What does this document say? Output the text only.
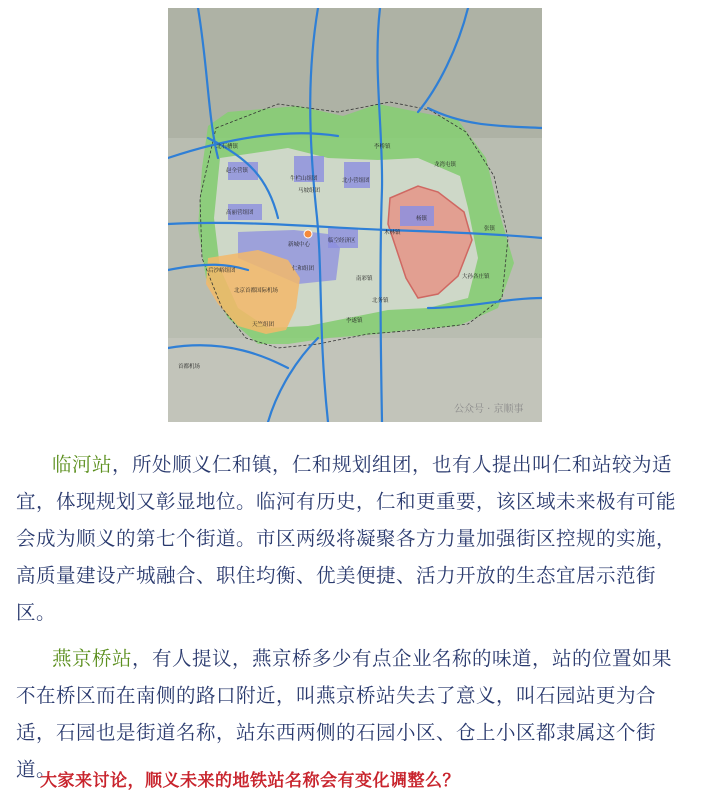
北石槽镇
赵全营镇
牛栏山组团
马坡组团
北小营组团
李桥镇
高丽营组团
临空经济区
新城中心
后沙峪组团	仁和组团
北京首都国际机场
天竺组团
木林镇
杨镇
龙湾屯镇
张镇
大孙各庄镇
北务镇
李遂镇
南彩镇
首都机场
公众号 · 京顺事

临河站，所处顺义仁和镇，仁和规划组团，也有人提出叫仁和站较为适宜，体现规划又彰显地位。临河有历史，仁和更重要，该区域未来极有可能会成为顺义的第七个街道。市区两级将凝聚各方力量加强街区控规的实施，高质量建设产城融合、职住均衡、优美便捷、活力开放的生态宜居示范街区。

燕京桥站，有人提议，燕京桥多少有点企业名称的味道，站的位置如果不在桥区而在南侧的路口附近，叫燕京桥站失去了意义，叫石园站更为合适，石园也是街道名称，站东西两侧的石园小区、仓上小区都隶属这个街道。

大家来讨论，顺义未来的地铁站名称会有变化调整么？
